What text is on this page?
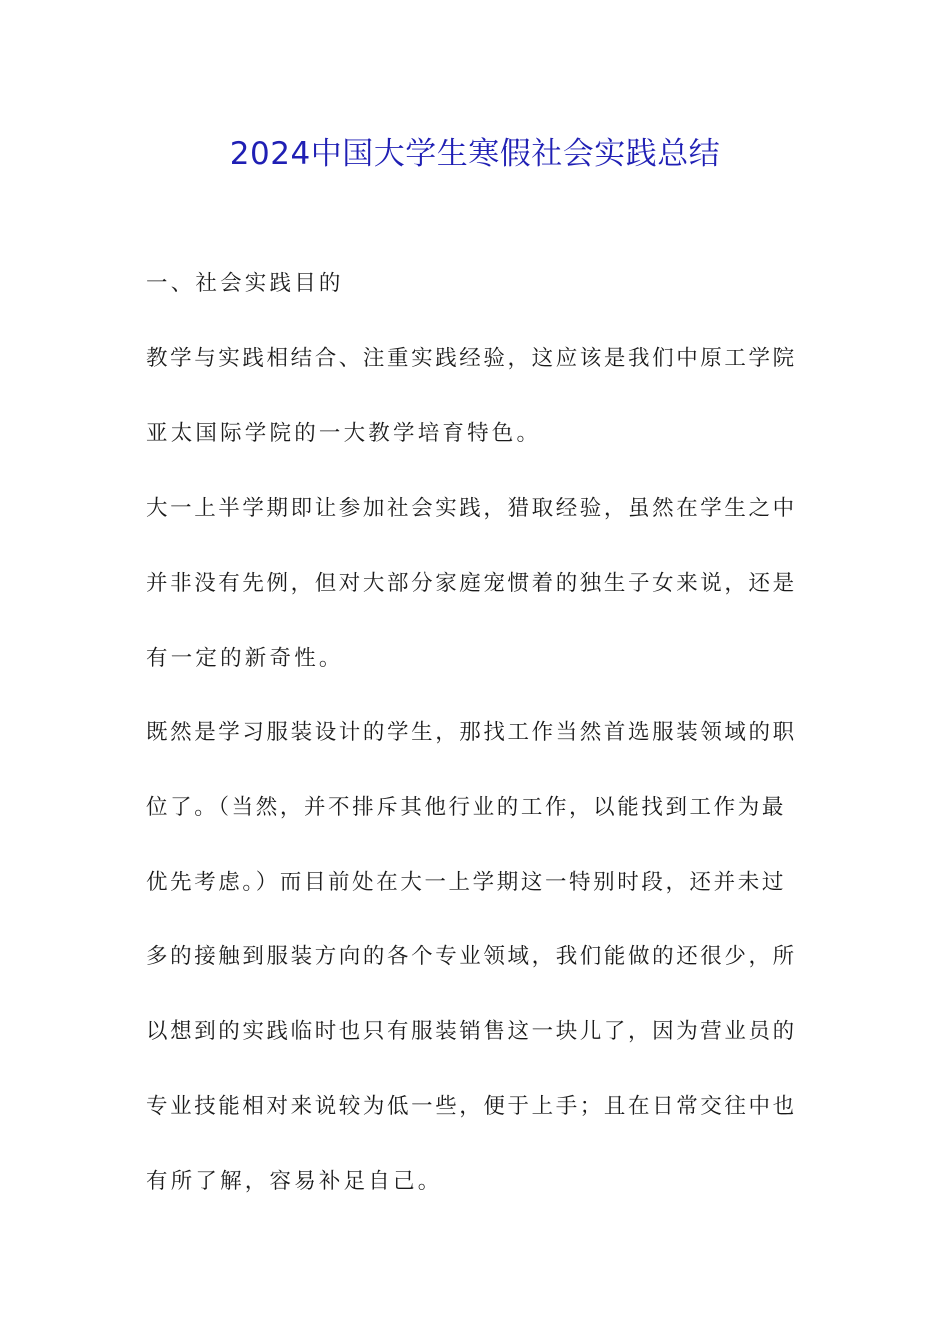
2024中国大学生寒假社会实践总结

一、社会实践目的

教学与实践相结合、注重实践经验，这应该是我们中原工学院

亚太国际学院的一大教学培育特色。

大一上半学期即让参加社会实践，猎取经验，虽然在学生之中

并非没有先例，但对大部分家庭宠惯着的独生子女来说，还是

有一定的新奇性。

既然是学习服装设计的学生，那找工作当然首选服装领域的职

位了。（当然，并不排斥其他行业的工作，以能找到工作为最

优先考虑。）而目前处在大一上学期这一特别时段，还并未过

多的接触到服装方向的各个专业领域，我们能做的还很少，所

以想到的实践临时也只有服装销售这一块儿了，因为营业员的

专业技能相对来说较为低一些，便于上手；且在日常交往中也

有所了解，容易补足自己。
